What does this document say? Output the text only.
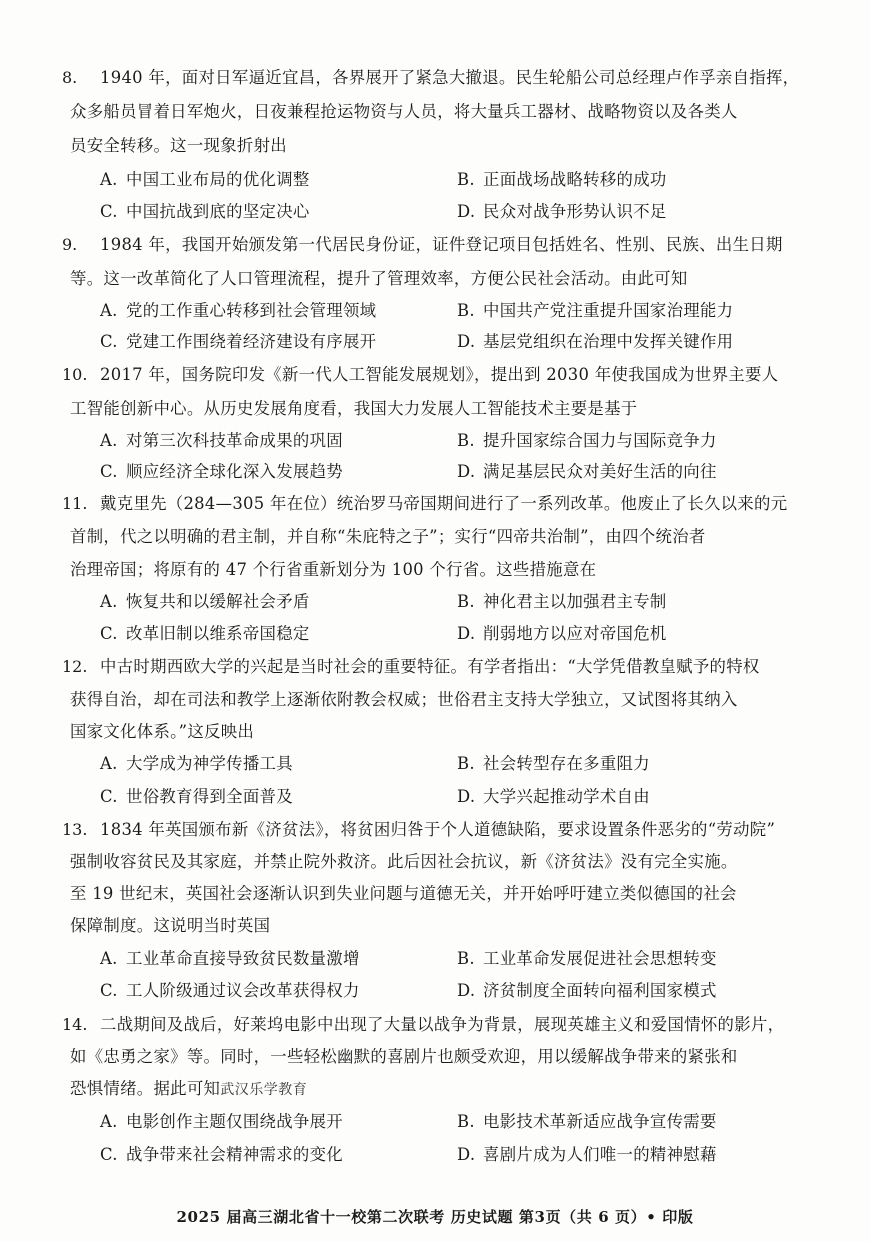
8. 1940 年，面对日军逼近宜昌，各界展开了紧急大撤退。民生轮船公司总经理卢作孚亲自指挥，
众多船员冒着日军炮火，日夜兼程抢运物资与人员，将大量兵工器材、战略物资以及各类人
员安全转移。这一现象折射出
A. 中国工业布局的优化调整	B. 正面战场战略转移的成功
C. 中国抗战到底的坚定决心	D. 民众对战争形势认识不足
9. 1984 年，我国开始颁发第一代居民身份证，证件登记项目包括姓名、性别、民族、出生日期
等。这一改革简化了人口管理流程，提升了管理效率，方便公民社会活动。由此可知
A. 党的工作重心转移到社会管理领域	B. 中国共产党注重提升国家治理能力
C. 党建工作围绕着经济建设有序展开	D. 基层党组织在治理中发挥关键作用
10. 2017 年，国务院印发《新一代人工智能发展规划》，提出到 2030 年使我国成为世界主要人
工智能创新中心。从历史发展角度看，我国大力发展人工智能技术主要是基于
A. 对第三次科技革命成果的巩固	B. 提升国家综合国力与国际竞争力
C. 顺应经济全球化深入发展趋势	D. 满足基层民众对美好生活的向往
11. 戴克里先（284—305 年在位）统治罗马帝国期间进行了一系列改革。他废止了长久以来的元
首制，代之以明确的君主制，并自称“朱庇特之子”；实行“四帝共治制”，由四个统治者
治理帝国；将原有的 47 个行省重新划分为 100 个行省。这些措施意在
A. 恢复共和以缓解社会矛盾	B. 神化君主以加强君主专制
C. 改革旧制以维系帝国稳定	D. 削弱地方以应对帝国危机
12. 中古时期西欧大学的兴起是当时社会的重要特征。有学者指出：“大学凭借教皇赋予的特权
获得自治，却在司法和教学上逐渐依附教会权威；世俗君主支持大学独立，又试图将其纳入
国家文化体系。”这反映出
A. 大学成为神学传播工具	B. 社会转型存在多重阻力
C. 世俗教育得到全面普及	D. 大学兴起推动学术自由
13. 1834 年英国颁布新《济贫法》，将贫困归咎于个人道德缺陷，要求设置条件恶劣的“劳动院”
强制收容贫民及其家庭，并禁止院外救济。此后因社会抗议，新《济贫法》没有完全实施。
至 19 世纪末，英国社会逐渐认识到失业问题与道德无关，并开始呼吁建立类似德国的社会
保障制度。这说明当时英国
A. 工业革命直接导致贫民数量激增	B. 工业革命发展促进社会思想转变
C. 工人阶级通过议会改革获得权力	D. 济贫制度全面转向福利国家模式
14. 二战期间及战后，好莱坞电影中出现了大量以战争为背景，展现英雄主义和爱国情怀的影片，
如《忠勇之家》等。同时，一些轻松幽默的喜剧片也颇受欢迎，用以缓解战争带来的紧张和
恐惧情绪。据此可知武汉乐学教育
A. 电影创作主题仅围绕战争展开	B. 电影技术革新适应战争宣传需要
C. 战争带来社会精神需求的变化	D. 喜剧片成为人们唯一的精神慰藉
2025 届高三湖北省十一校第二次联考 历史试题 第3页（共 6 页）• 印版
